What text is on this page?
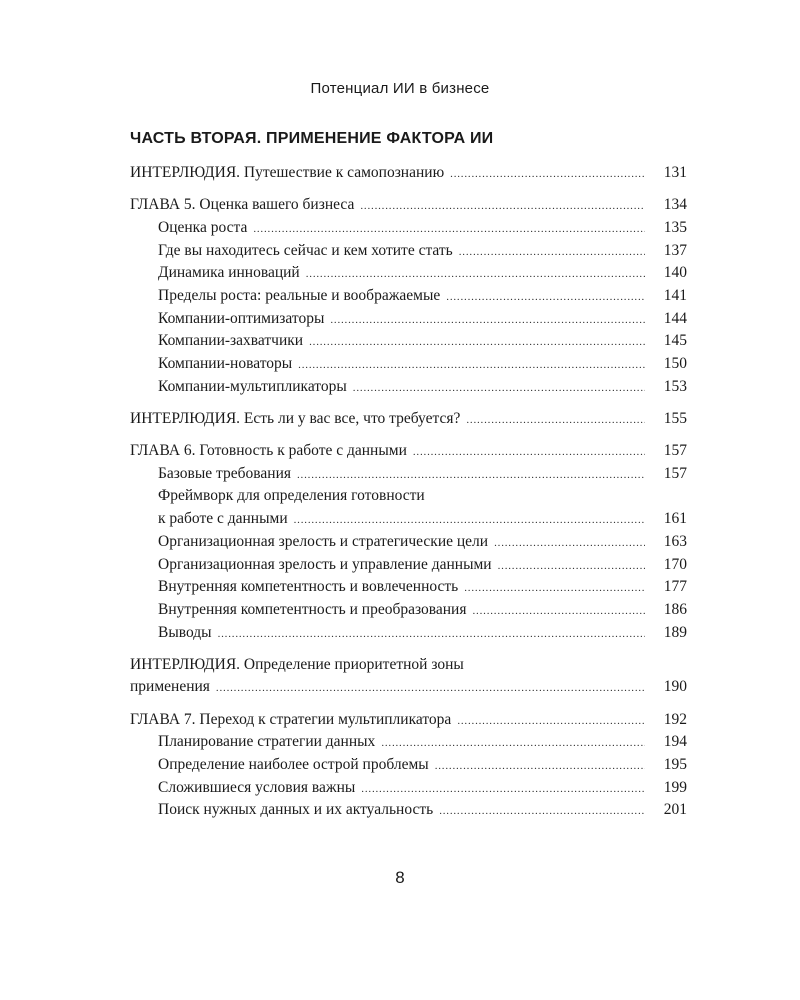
Потенциал ИИ в бизнесе
ЧАСТЬ ВТОРАЯ. ПРИМЕНЕНИЕ ФАКТОРА ИИ
ИНТЕРЛЮДИЯ. Путешествие к самопознанию .....	131
ГЛАВА 5. Оценка вашего бизнеса .....	134
Оценка роста .....	135
Где вы находитесь сейчас и кем хотите стать .....	137
Динамика инноваций .....	140
Пределы роста: реальные и воображаемые .....	141
Компании-оптимизаторы .....	144
Компании-захватчики .....	145
Компании-новаторы .....	150
Компании-мультипликаторы .....	153
ИНТЕРЛЮДИЯ. Есть ли у вас все, что требуется? .....	155
ГЛАВА 6. Готовность к работе с данными .....	157
Базовые требования .....	157
Фреймворк для определения готовности
к работе с данными .....	161
Организационная зрелость и стратегические цели .....	163
Организационная зрелость и управление данными .....	170
Внутренняя компетентность и вовлеченность .....	177
Внутренняя компетентность и преобразования .....	186
Выводы .....	189
ИНТЕРЛЮДИЯ. Определение приоритетной зоны
применения .....	190
ГЛАВА 7. Переход к стратегии мультипликатора .....	192
Планирование стратегии данных .....	194
Определение наиболее острой проблемы .....	195
Сложившиеся условия важны .....	199
Поиск нужных данных и их актуальность .....	201
8
